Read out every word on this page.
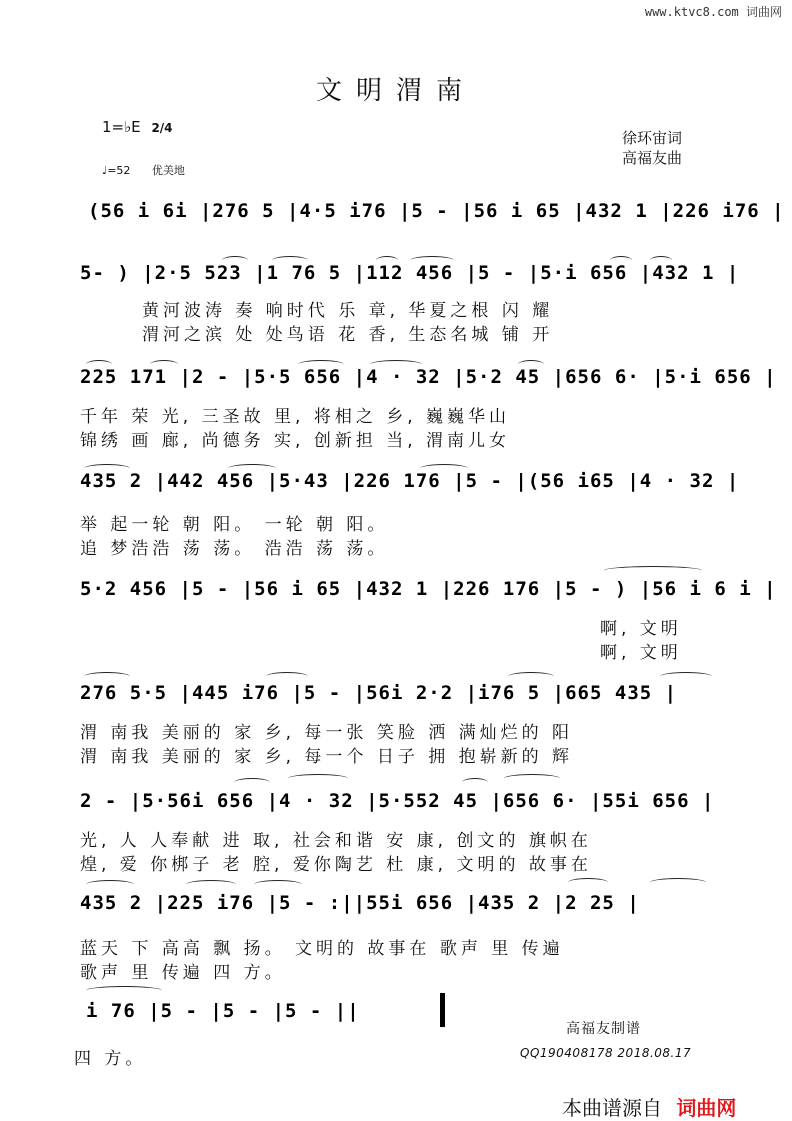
www.ktvc8.com 词曲网
文明渭南
1=♭E 2/4
♩=52 优美地
徐环宙词
高福友曲
(56 i 6i |276 5 |4·5 i76 |5 - |56 i 65 |432 1 |226 i76 |
5- ) |2·5 523 |1 76 5 |112 456 |5 - |5·i 656 |432 1 |
黄河波涛 奏 响时代 乐 章, 华夏之根 闪 耀
渭河之滨 处 处鸟语 花 香, 生态名城 铺 开
225 171 |2 - |5·5 656 |4 · 32 |5·2 45 |656 6· |5·i 656 |
千年 荣 光, 三圣故 里, 将相之 乡, 巍巍华山
锦绣 画 廊, 尚德务 实, 创新担 当, 渭南儿女
435 2 |442 456 |5·43 |226 176 |5 - |(56 i65 |4 · 32 |
举 起一轮 朝 阳。 一轮 朝 阳。
追 梦浩浩 荡 荡。 浩浩 荡 荡。
5·2 456 |5 - |56 i 65 |432 1 |226 176 |5 - ) |56 i 6 i |
啊, 文明
啊, 文明
276 5·5 |445 i76 |5 - |56i 2·2 |i76 5 |665 435 |
渭 南我 美丽的 家 乡, 每一张 笑脸 洒 满灿烂的 阳
渭 南我 美丽的 家 乡, 每一个 日子 拥 抱崭新的 辉
2 - |5·56i 656 |4 · 32 |5·552 45 |656 6· |55i 656 |
光, 人 人奉献 进 取, 社会和谐 安 康, 创文的 旗帜在
煌, 爱 你梆子 老 腔, 爱你陶艺 杜 康, 文明的 故事在
435 2 |225 i76 |5 - :||55i 656 |435 2 |2 25 |
蓝天 下 高高 飘 扬。 文明的 故事在 歌声 里 传遍
歌声 里 传遍 四 方。
i 76 |5 - |5 - |5 - ||
四 方。
高福友制谱
QQ190408178 2018.08.17
本曲谱源自 词曲网
